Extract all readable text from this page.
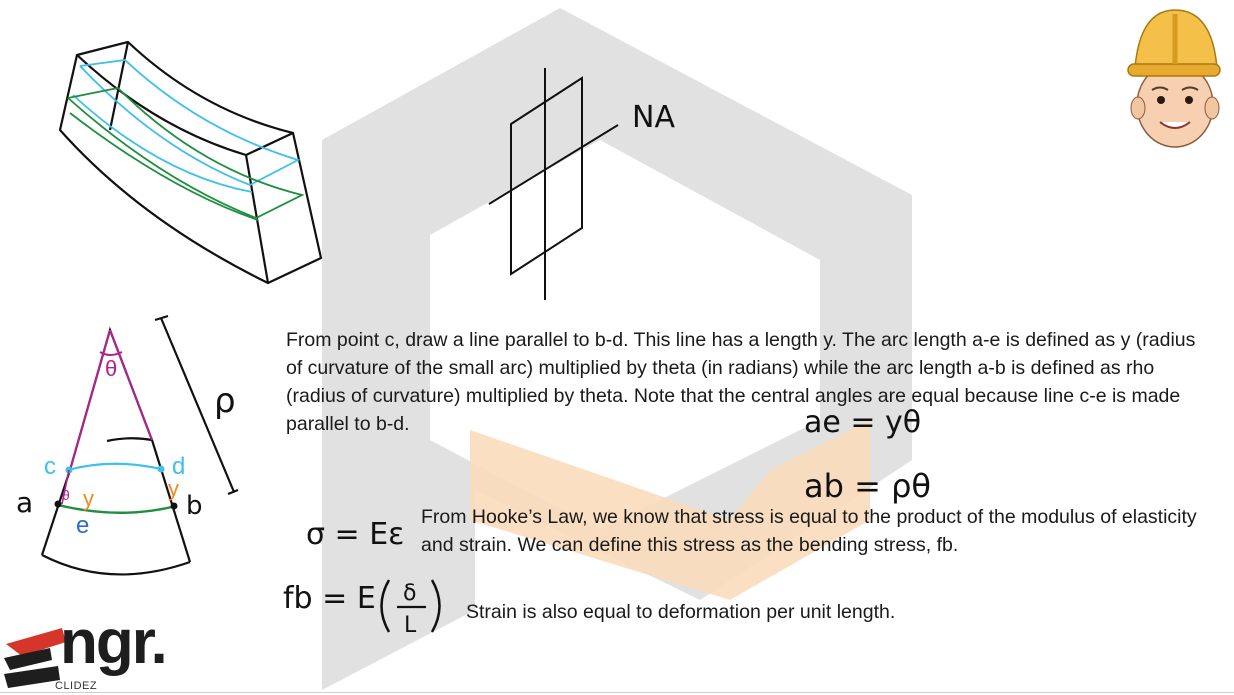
NA
θ
ρ
a	b
c	d
e
y	y
θ
ae = yθ
ab = ρθ
σ = Eε
fb = E δ
L
From point c, draw a line parallel to b-d. This line has a length y. The arc length a-e is defined as y (radius of curvature of the small arc) multiplied by theta (in radians) while the arc length a-b is defined as rho (radius of curvature) multiplied by theta. Note that the central angles are equal because line c-e is made parallel to b-d.
From Hooke’s Law, we know that stress is equal to the product of the modulus of elasticity and strain. We can define this stress as the bending stress, fb.
Strain is also equal to deformation per unit length.
ngr.
CLIDEZ
